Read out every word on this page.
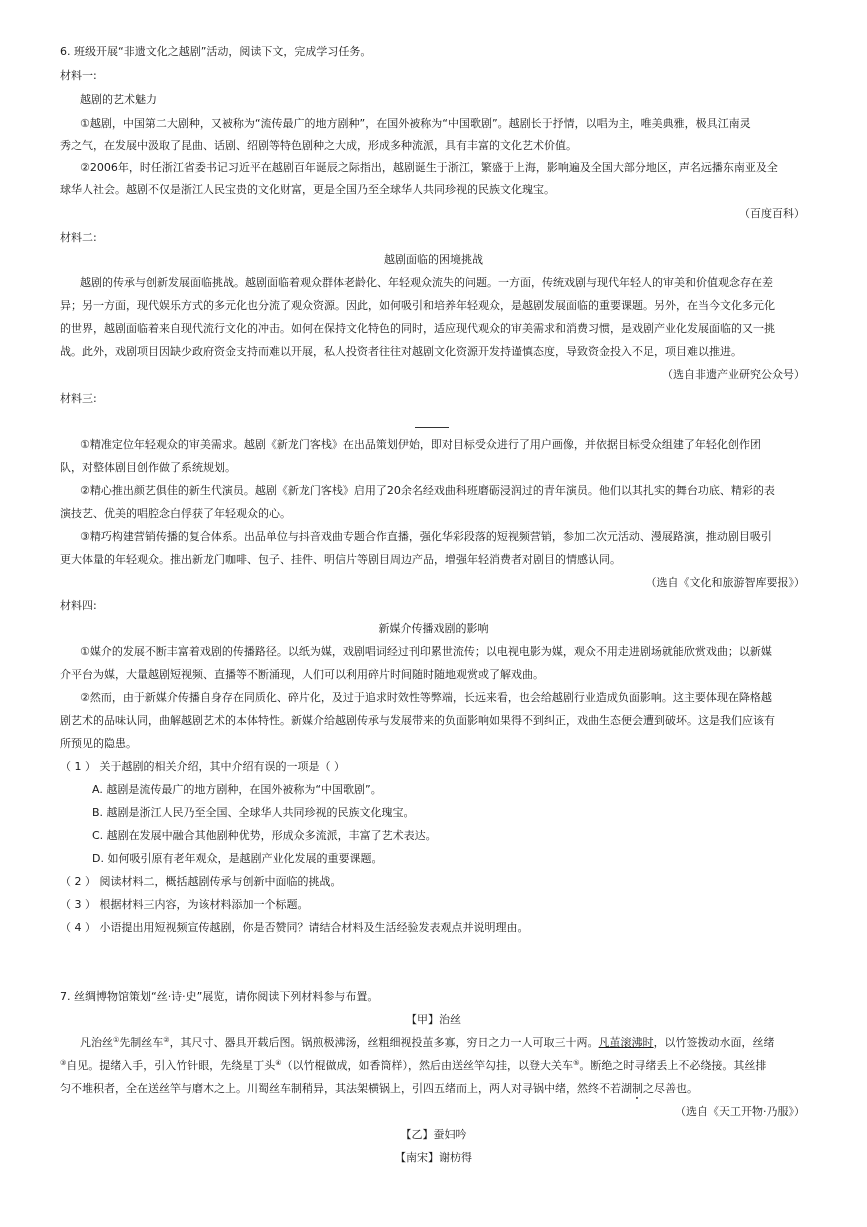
6. 班级开展“非遗文化之越剧”活动，阅读下文，完成学习任务。
材料一:
越剧的艺术魅力
①越剧，中国第二大剧种，又被称为“流传最广的地方剧种”，在国外被称为“中国歌剧”。越剧长于抒情，以唱为主，唯美典雅，极具江南灵
秀之气，在发展中汲取了昆曲、话剧、绍剧等特色剧种之大成，形成多种流派，具有丰富的文化艺术价值。
②2006年，时任浙江省委书记习近平在越剧百年诞辰之际指出，越剧诞生于浙江，繁盛于上海，影响遍及全国大部分地区，声名远播东南亚及全
球华人社会。越剧不仅是浙江人民宝贵的文化财富，更是全国乃至全球华人共同珍视的民族文化瑰宝。
（百度百科）
材料二:
越剧面临的困境挑战
越剧的传承与创新发展面临挑战。越剧面临着观众群体老龄化、年轻观众流失的问题。一方面，传统戏剧与现代年轻人的审美和价值观念存在差
异；另一方面，现代娱乐方式的多元化也分流了观众资源。因此，如何吸引和培养年轻观众，是越剧发展面临的重要课题。另外，在当今文化多元化
的世界，越剧面临着来自现代流行文化的冲击。如何在保持文化特色的同时，适应现代观众的审美需求和消费习惯，是戏剧产业化发展面临的又一挑
战。此外，戏剧项目因缺少政府资金支持而难以开展，私人投资者往往对越剧文化资源开发持谨慎态度，导致资金投入不足，项目难以推进。
（选自非遗产业研究公众号）
材料三:
①精准定位年轻观众的审美需求。越剧《新龙门客栈》在出品策划伊始，即对目标受众进行了用户画像，并依据目标受众组建了年轻化创作团
队，对整体剧目创作做了系统规划。
②精心推出颜艺俱佳的新生代演员。越剧《新龙门客栈》启用了20余名经戏曲科班磨砺浸润过的青年演员。他们以其扎实的舞台功底、精彩的表
演技艺、优美的唱腔念白俘获了年轻观众的心。
③精巧构建营销传播的复合体系。出品单位与抖音戏曲专题合作直播，强化华彩段落的短视频营销，参加二次元活动、漫展路演，推动剧目吸引
更大体量的年轻观众。推出新龙门咖啡、包子、挂件、明信片等剧目周边产品，增强年轻消费者对剧目的情感认同。
（选自《文化和旅游智库要报》）
材料四:
新媒介传播戏剧的影响
①媒介的发展不断丰富着戏剧的传播路径。以纸为媒，戏剧唱词经过刊印累世流传；以电视电影为媒，观众不用走进剧场就能欣赏戏曲；以新媒
介平台为媒，大量越剧短视频、直播等不断涌现，人们可以利用碎片时间随时随地观赏或了解戏曲。
②然而，由于新媒介传播自身存在同质化、碎片化，及过于追求时效性等弊端，长远来看，也会给越剧行业造成负面影响。这主要体现在降格越
剧艺术的品味认同，曲解越剧艺术的本体特性。新媒介给越剧传承与发展带来的负面影响如果得不到纠正，戏曲生态便会遭到破坏。这是我们应该有
所预见的隐患。
（ 1 ） 关于越剧的相关介绍，其中介绍有误的一项是（ ）
A. 越剧是流传最广的地方剧种，在国外被称为“中国歌剧”。
B. 越剧是浙江人民乃至全国、全球华人共同珍视的民族文化瑰宝。
C. 越剧在发展中融合其他剧种优势，形成众多流派，丰富了艺术表达。
D. 如何吸引原有老年观众，是越剧产业化发展的重要课题。
（ 2 ） 阅读材料二，概括越剧传承与创新中面临的挑战。
（ 3 ） 根据材料三内容，为该材料添加一个标题。
（ 4 ） 小语提出用短视频宣传越剧，你是否赞同？请结合材料及生活经验发表观点并说明理由。
7. 丝绸博物馆策划“丝·诗·史”展览，请你阅读下列材料参与布置。
【甲】治丝
凡治丝①先制丝车②，其尺寸、器具开载后图。锅煎极沸汤，丝粗细视投茧多寡，穷日之力一人可取三十两。凡茧滚沸时，以竹签拨动水面，丝绪
③自见。提绪入手，引入竹针眼，先绕星丁头④（以竹棍做成，如香筒样），然后由送丝竿勾挂，以登大关车⑤。断绝之时寻绪丢上不必绕接。其丝排
匀不堆积者，全在送丝竿与磨木之上。川蜀丝车制稍异，其法架横锅上，引四五绪而上，两人对寻锅中绪，然终不若湖制之尽善也。
（选自《天工开物·乃服》）
【乙】蚕妇吟
【南宋】谢枋得
